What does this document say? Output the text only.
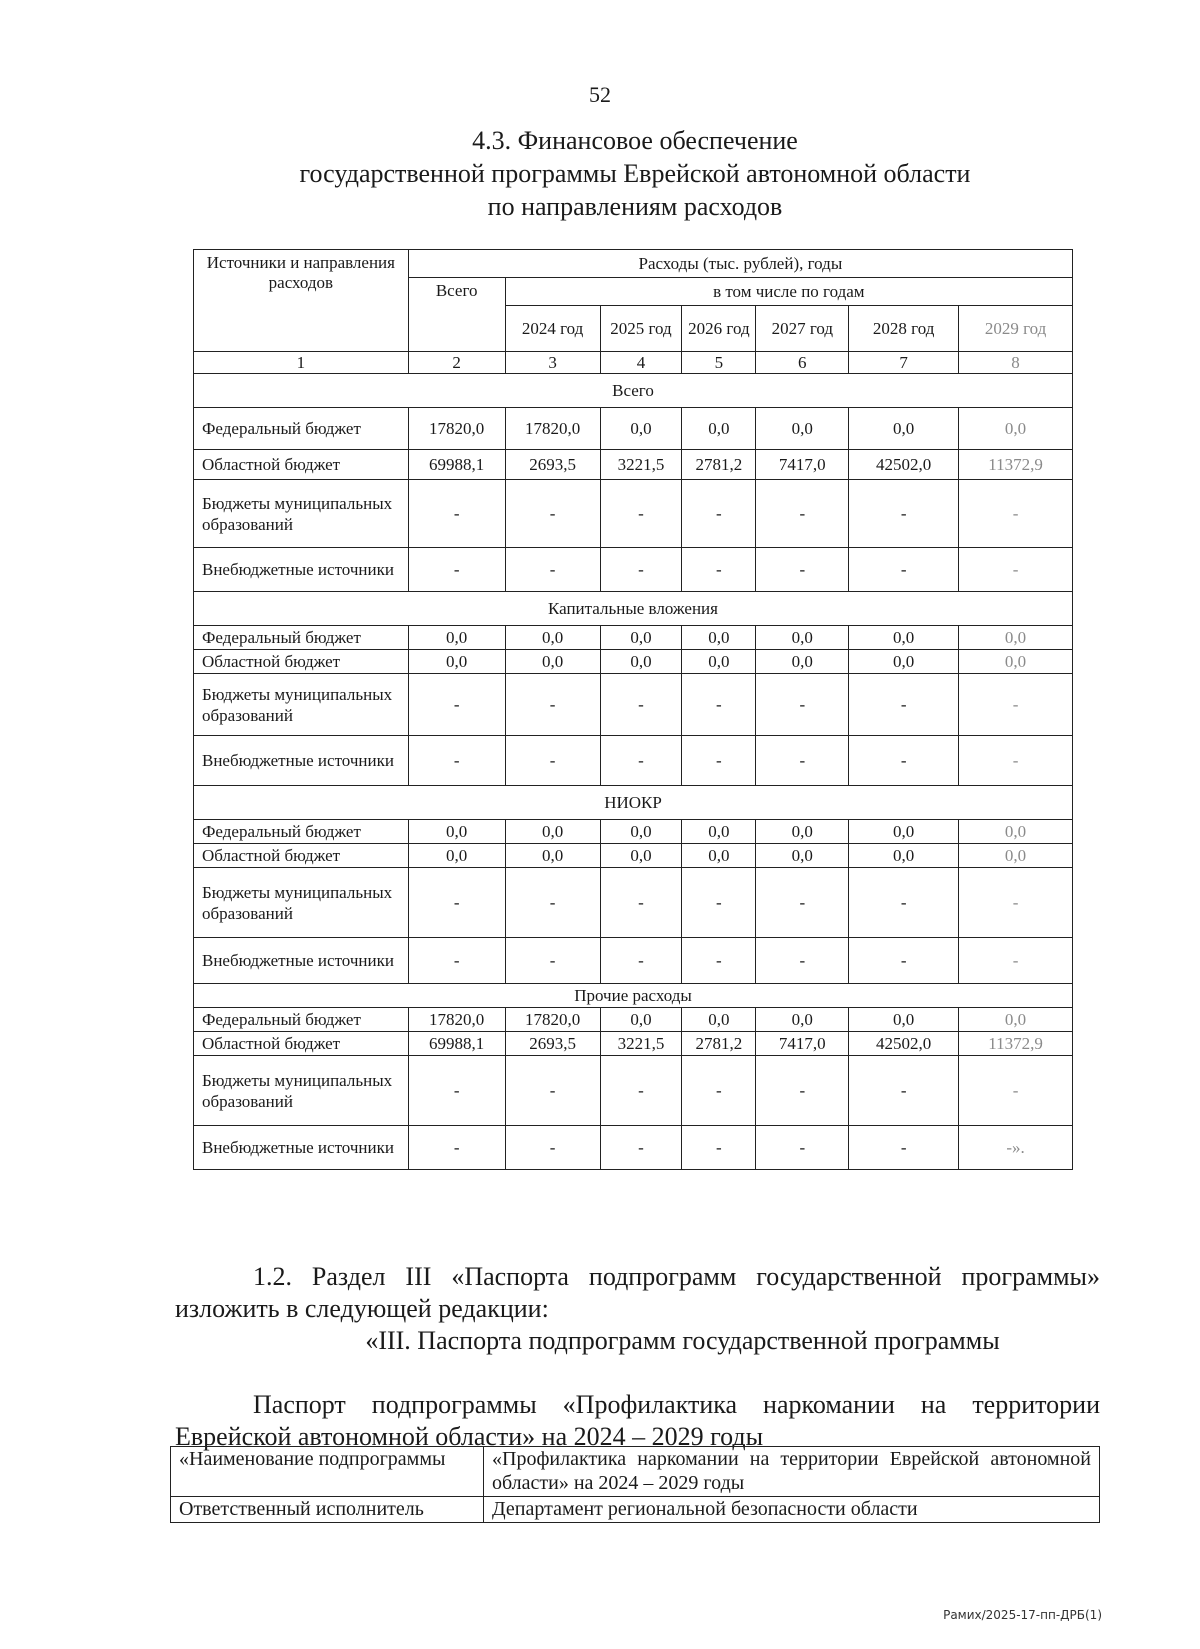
52
4.3. Финансовое обеспечение
государственной программы Еврейской автономной области
по направлениям расходов
Источники и направления расходов	Расходы (тыс. рублей), годы						
	Всего	в том числе по годам					
		2024 год	2025 год	2026 год	2027 год	2028 год	2029 год
1	2	3	4	5	6	7	8
Всего							
Федеральный бюджет	17820,0	17820,0	0,0	0,0	0,0	0,0	0,0
Областной бюджет	69988,1	2693,5	3221,5	2781,2	7417,0	42502,0	11372,9
Бюджеты муниципальных образований	-	-	-	-	-	-	-
Внебюджетные источники	-	-	-	-	-	-	-
Капитальные вложения							
Федеральный бюджет	0,0	0,0	0,0	0,0	0,0	0,0	0,0
Областной бюджет	0,0	0,0	0,0	0,0	0,0	0,0	0,0
Бюджеты муниципальных образований	-	-	-	-	-	-	-
Внебюджетные источники	-	-	-	-	-	-	-
НИОКР							
Федеральный бюджет	0,0	0,0	0,0	0,0	0,0	0,0	0,0
Областной бюджет	0,0	0,0	0,0	0,0	0,0	0,0	0,0
Бюджеты муниципальных образований	-	-	-	-	-	-	-
Внебюджетные источники	-	-	-	-	-	-	-
Прочие расходы							
Федеральный бюджет	17820,0	17820,0	0,0	0,0	0,0	0,0	0,0
Областной бюджет	69988,1	2693,5	3221,5	2781,2	7417,0	42502,0	11372,9
Бюджеты муниципальных образований	-	-	-	-	-	-	-
Внебюджетные источники	-	-	-	-	-	-	-».
1.2. Раздел III «Паспорта подпрограмм государственной программы» изложить в следующей редакции:
«III. Паспорта подпрограмм государственной программы
Паспорт подпрограммы «Профилактика наркомании на территории Еврейской автономной области» на 2024 – 2029 годы
«Наименование подпрограммы	«Профилактика наркомании на территории Еврейской автономной области» на 2024 – 2029 годы
Ответственный исполнитель	Департамент региональной безопасности области
Рамих/2025-17-пп-ДРБ(1)
